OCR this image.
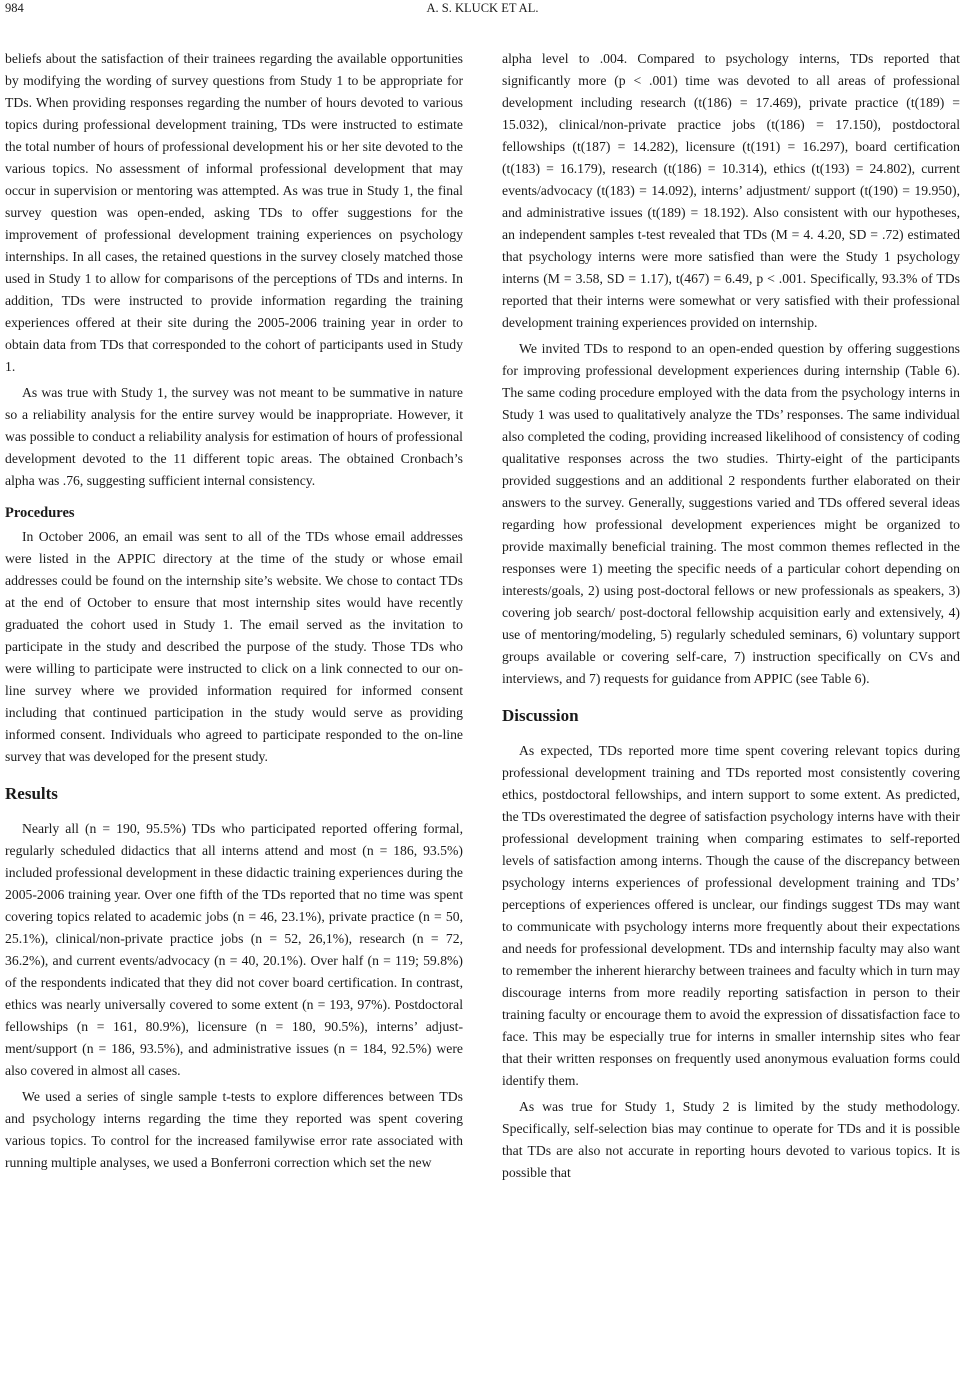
984	A. S. KLUCK ET AL.

beliefs about the satisfaction of their trainees regarding the available opportunities by modifying the wording of survey questions from Study 1 to be appropriate for TDs. When providing responses regarding the number of hours devoted to various topics during professional development training, TDs were instructed to estimate the total number of hours of professional development his or her site devoted to the various topics. No assessment of informal professional development that may occur in supervision or mentoring was attempted. As was true in Study 1, the final survey question was open-ended, asking TDs to offer suggestions for the improvement of professional development training experiences on psychology internships. In all cases, the retained questions in the survey closely matched those used in Study 1 to allow for comparisons of the perceptions of TDs and interns. In addition, TDs were instructed to provide information regarding the training experiences offered at their site during the 2005-2006 training year in order to obtain data from TDs that corresponded to the cohort of participants used in Study 1.

As was true with Study 1, the survey was not meant to be summative in nature so a reliability analysis for the entire survey would be inappropriate. However, it was possible to conduct a reliability analysis for estimation of hours of professional development devoted to the 11 different topic areas. The obtained Cronbach’s alpha was .76, suggesting sufficient internal consistency.

Procedures

In October 2006, an email was sent to all of the TDs whose email addresses were listed in the APPIC directory at the time of the study or whose email addresses could be found on the internship site’s website. We chose to contact TDs at the end of October to ensure that most internship sites would have recently graduated the cohort used in Study 1. The email served as the invitation to participate in the study and described the purpose of the study. Those TDs who were willing to participate were instructed to click on a link connected to our on-line survey where we provided information required for informed consent including that continued participation in the study would serve as providing informed consent. Individuals who agreed to participate responded to the on-line survey that was developed for the present study.

Results

Nearly all (n = 190, 95.5%) TDs who participated reported offering formal, regularly scheduled didactics that all interns attend and most (n = 186, 93.5%) included professional development in these didactic training experiences during the 2005-2006 training year. Over one fifth of the TDs reported that no time was spent covering topics related to academic jobs (n = 46, 23.1%), private practice (n = 50, 25.1%), clinical/non-private practice jobs (n = 52, 26,1%), research (n = 72, 36.2%), and current events/advocacy (n = 40, 20.1%). Over half (n = 119; 59.8%) of the respondents indicated that they did not cover board certification. In contrast, ethics was nearly universally covered to some extent (n = 193, 97%). Postdoctoral fellowships (n = 161, 80.9%), licensure (n = 180, 90.5%), interns’ adjustment/support (n = 186, 93.5%), and administrative issues (n = 184, 92.5%) were also covered in almost all cases.

We used a series of single sample t-tests to explore differences between TDs and psychology interns regarding the time they reported was spent covering various topics. To control for the increased familywise error rate associated with running multiple analyses, we used a Bonferroni correction which set the new

alpha level to .004. Compared to psychology interns, TDs reported that significantly more (p < .001) time was devoted to all areas of professional development including research (t(186) = 17.469), private practice (t(189) = 15.032), clinical/non-private practice jobs (t(186) = 17.150), postdoctoral fellowships (t(187) = 14.282), licensure (t(191) = 16.297), board certification (t(183) = 16.179), research (t(186) = 10.314), ethics (t(193) = 24.802), current events/advocacy (t(183) = 14.092), interns’ adjustment/ support (t(190) = 19.950), and administrative issues (t(189) = 18.192). Also consistent with our hypotheses, an independent samples t-test revealed that TDs (M = 4. 4.20, SD = .72) estimated that psychology interns were more satisfied than were the Study 1 psychology interns (M = 3.58, SD = 1.17), t(467) = 6.49, p < .001. Specifically, 93.3% of TDs reported that their interns were somewhat or very satisfied with their professional development training experiences provided on internship.

We invited TDs to respond to an open-ended question by offering suggestions for improving professional development experiences during internship (Table 6). The same coding procedure employed with the data from the psychology interns in Study 1 was used to qualitatively analyze the TDs’ responses. The same individual also completed the coding, providing increased likelihood of consistency of coding qualitative responses across the two studies. Thirty-eight of the participants provided suggestions and an additional 2 respondents further elaborated on their answers to the survey. Generally, suggestions varied and TDs offered several ideas regarding how professional development experiences might be organized to provide maximally beneficial training. The most common themes reflected in the responses were 1) meeting the specific needs of a particular cohort depending on interests/goals, 2) using post-doctoral fellows or new professionals as speakers, 3) covering job search/ post-doctoral fellowship acquisition early and extensively, 4) use of mentoring/modeling, 5) regularly scheduled seminars, 6) voluntary support groups available or covering self-care, 7) instruction specifically on CVs and interviews, and 7) requests for guidance from APPIC (see Table 6).

Discussion

As expected, TDs reported more time spent covering relevant topics during professional development training and TDs reported most consistently covering ethics, postdoctoral fellowships, and intern support to some extent. As predicted, the TDs overestimated the degree of satisfaction psychology interns have with their professional development training when comparing estimates to self-reported levels of satisfaction among interns. Though the cause of the discrepancy between psychology interns experiences of professional development training and TDs’ perceptions of experiences offered is unclear, our findings suggest TDs may want to communicate with psychology interns more frequently about their expectations and needs for professional development. TDs and internship faculty may also want to remember the inherent hierarchy between trainees and faculty which in turn may discourage interns from more readily reporting satisfaction in person to their training faculty or encourage them to avoid the expression of dissatisfaction face to face. This may be especially true for interns in smaller internship sites who fear that their written responses on frequently used anonymous evaluation forms could identify them.

As was true for Study 1, Study 2 is limited by the study methodology. Specifically, self-selection bias may continue to operate for TDs and it is possible that TDs are also not accurate in reporting hours devoted to various topics. It is possible that
